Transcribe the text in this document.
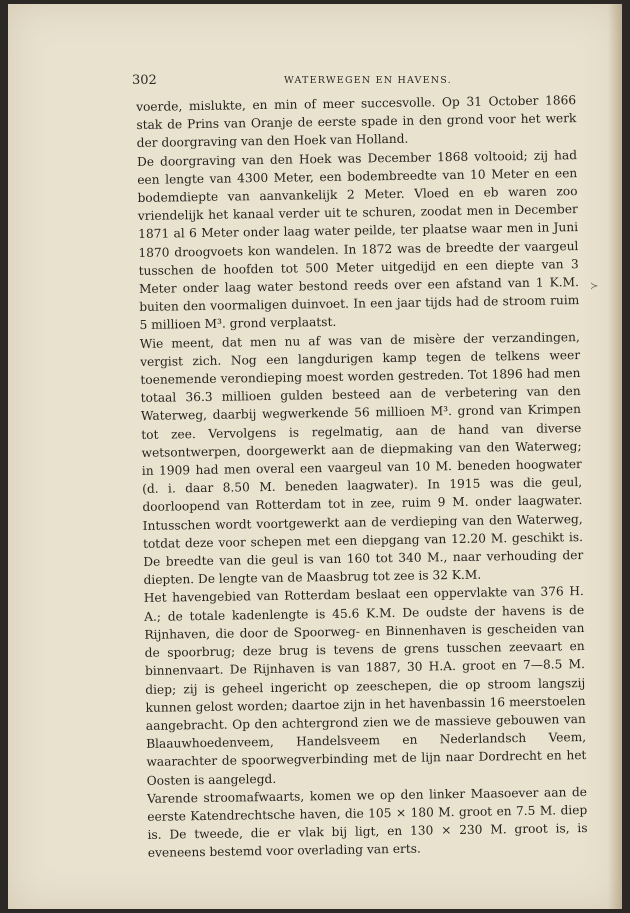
302	WATERWEGEN EN HAVENS.

voerde, mislukte, en min of meer succesvolle. Op 31 October 1866 stak de Prins van Oranje de eerste spade in den grond voor het werk der doorgraving van den Hoek van Holland.

De doorgraving van den Hoek was December 1868 voltooid; zij had een lengte van 4300 Meter, een bodembreedte van 10 Meter en een bodemdiepte van aanvankelijk 2 Meter. Vloed en eb waren zoo vriendelijk het kanaal verder uit te schuren, zoodat men in December 1871 al 6 Meter onder laag water peilde, ter plaatse waar men in Juni 1870 droogvoets kon wandelen. In 1872 was de breedte der vaargeul tusschen de hoofden tot 500 Meter uitgedijd en een diepte van 3 Meter onder laag water bestond reeds over een afstand van 1 K.M. buiten den voormaligen duinvoet. In een jaar tijds had de stroom ruim 5 millioen M³. grond verplaatst.

Wie meent, dat men nu af was van de misère der verzandingen, vergist zich. Nog een langdurigen kamp tegen de telkens weer toenemende verondieping moest worden gestreden. Tot 1896 had men totaal 36.3 millioen gulden besteed aan de verbetering van den Waterweg, daarbij wegwerkende 56 millioen M³. grond van Krimpen tot zee. Vervolgens is regelmatig, aan de hand van diverse wetsontwerpen, doorgewerkt aan de diepmaking van den Waterweg; in 1909 had men overal een vaargeul van 10 M. beneden hoogwater (d. i. daar 8.50 M. beneden laagwater). In 1915 was die geul, doorloopend van Rotterdam tot in zee, ruim 9 M. onder laagwater. Intusschen wordt voortgewerkt aan de verdieping van den Waterweg, totdat deze voor schepen met een diepgang van 12.20 M. geschikt is. De breedte van die geul is van 160 tot 340 M., naar verhouding der diepten. De lengte van de Maasbrug tot zee is 32 K.M.

Het havengebied van Rotterdam beslaat een oppervlakte van 376 H. A.; de totale kadenlengte is 45.6 K.M. De oudste der havens is de Rijnhaven, die door de Spoorweg- en Binnenhaven is gescheiden van de spoorbrug; deze brug is tevens de grens tusschen zeevaart en binnenvaart. De Rijnhaven is van 1887, 30 H.A. groot en 7—8.5 M. diep; zij is geheel ingericht op zeeschepen, die op stroom langszij kunnen gelost worden; daartoe zijn in het havenbassin 16 meerstoelen aangebracht. Op den achtergrond zien we de massieve gebouwen van Blaauwhoedenveem, Handelsveem en Nederlandsch Veem, waarachter de spoorwegverbinding met de lijn naar Dordrecht en het Oosten is aangelegd.

Varende stroomafwaarts, komen we op den linker Maasoever aan de eerste Katendrechtsche haven, die 105 ⨯ 180 M. groot en 7.5 M. diep is. De tweede, die er vlak bij ligt, en 130 ⨯ 230 M. groot is, is eveneens bestemd voor overlading van erts.

≻
